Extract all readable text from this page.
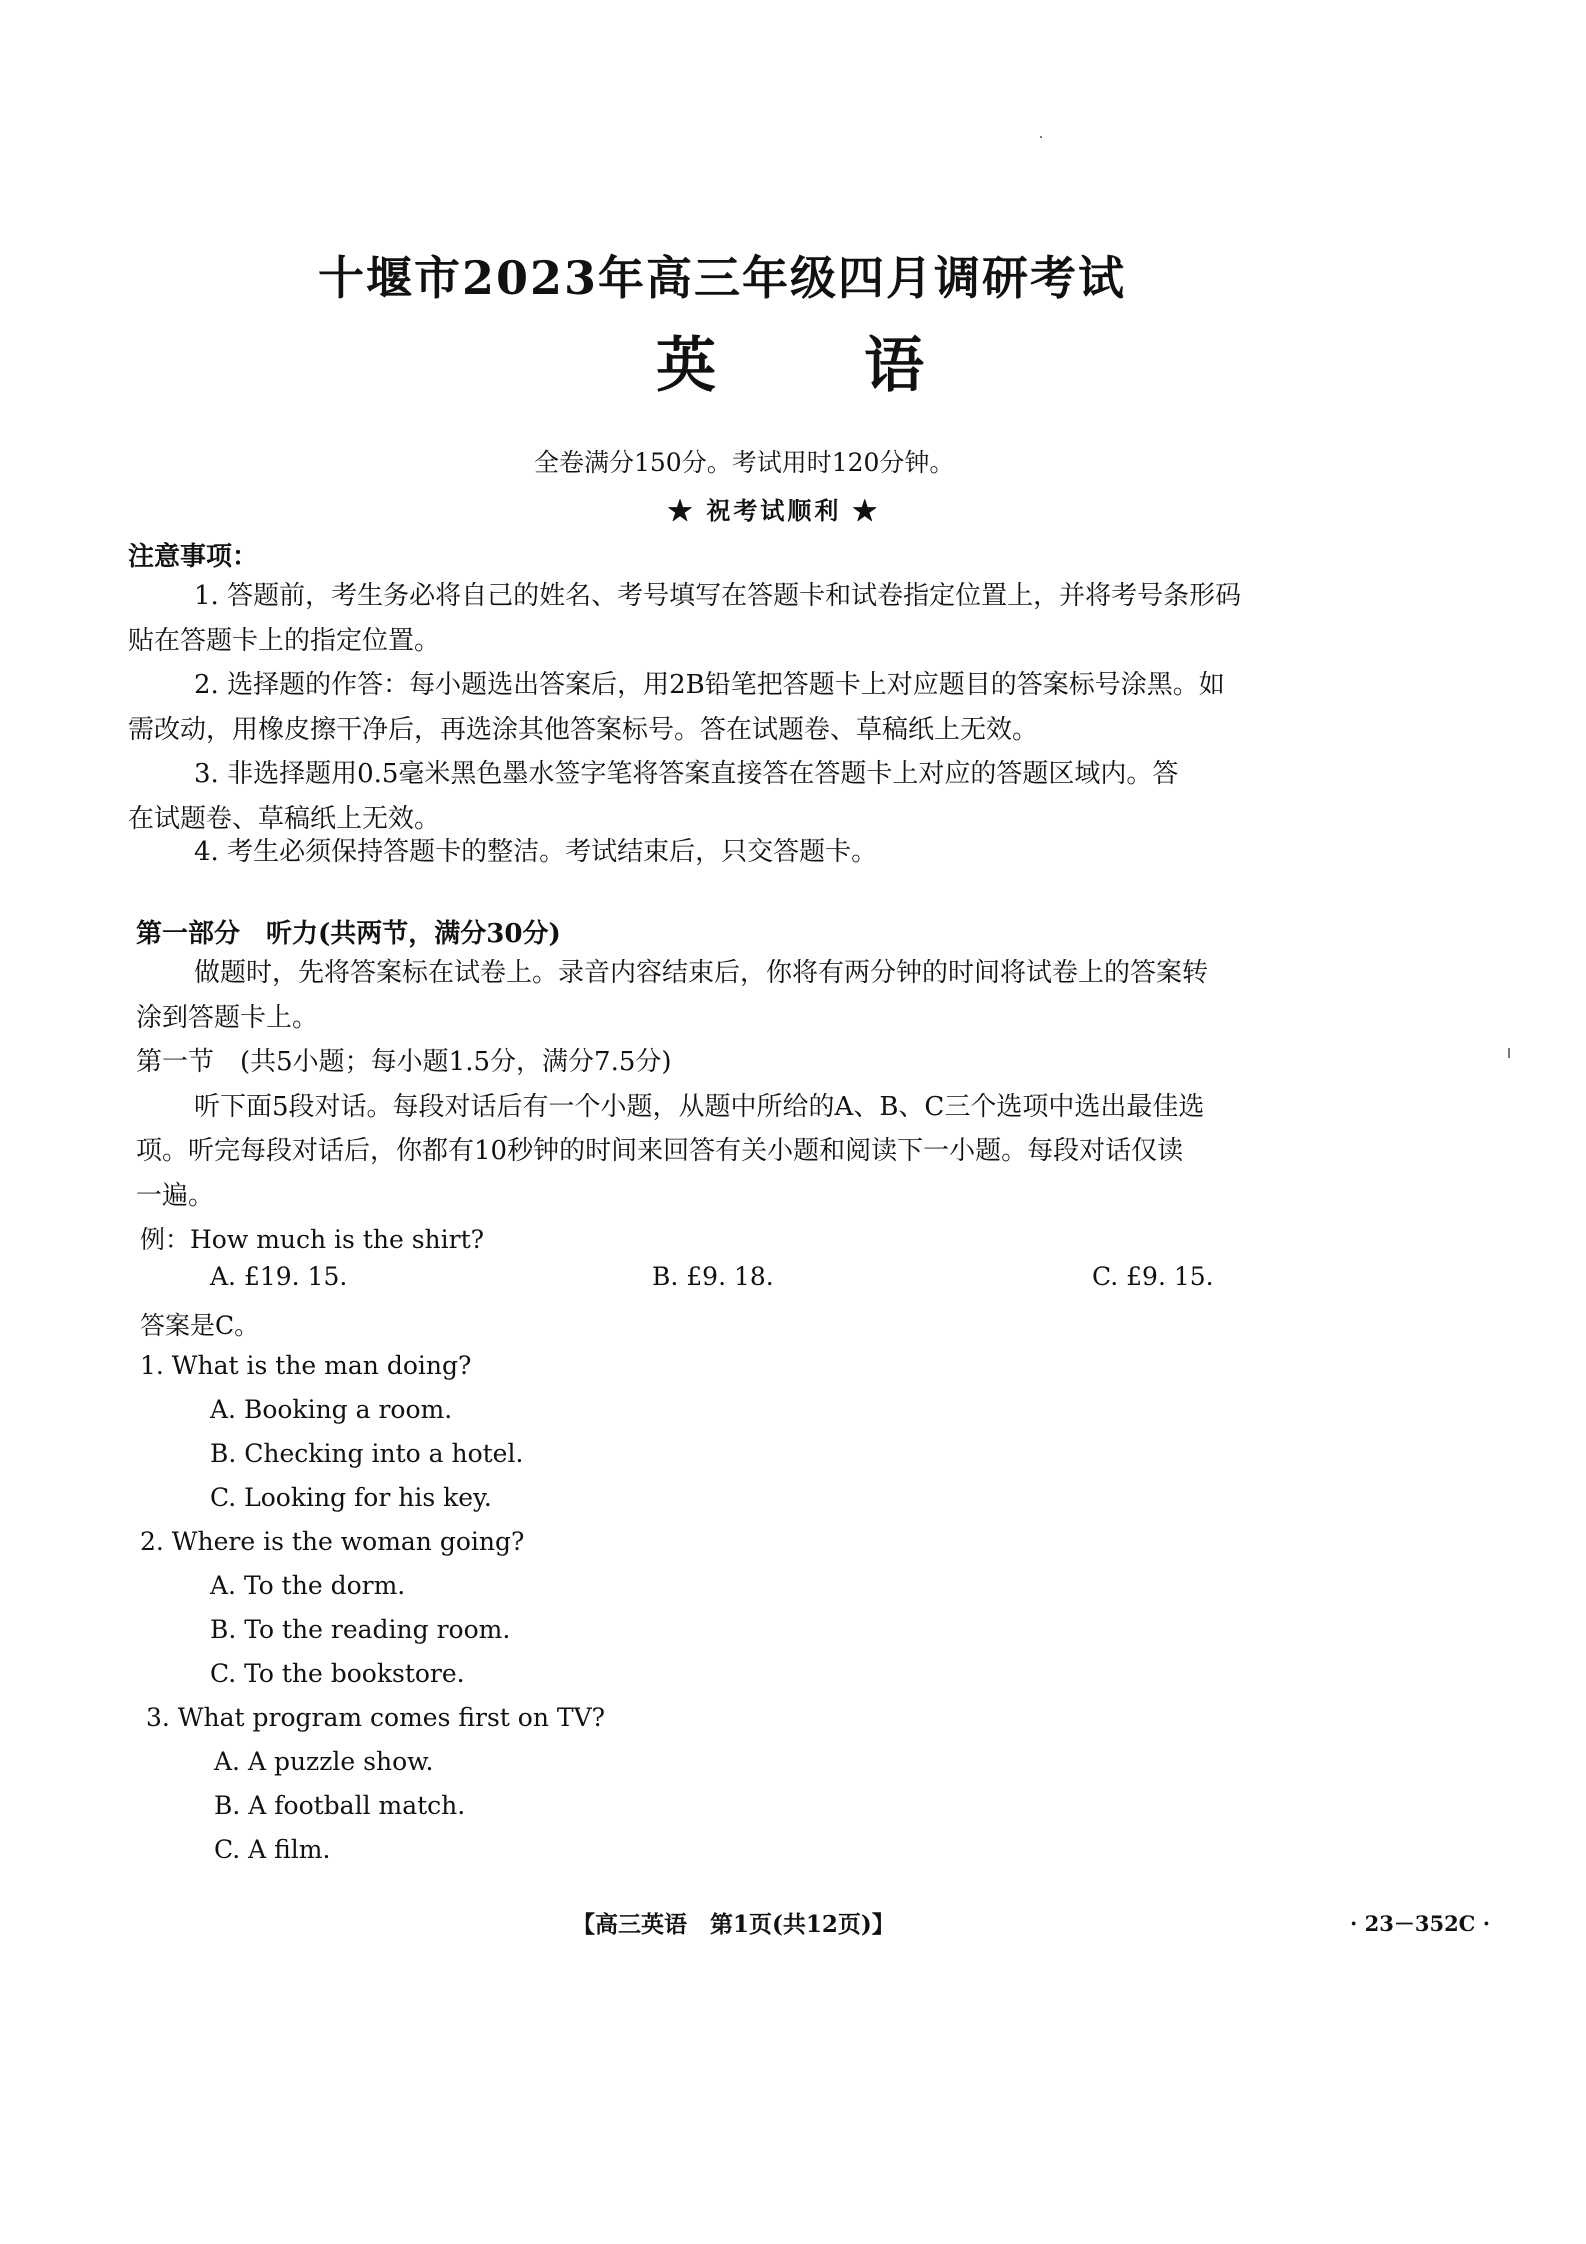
十堰市2023年高三年级四月调研考试
英 语
全卷满分150分。考试用时120分钟。
★ 祝考试顺利 ★
注意事项：
1. 答题前，考生务必将自己的姓名、考号填写在答题卡和试卷指定位置上，并将考号条形码
贴在答题卡上的指定位置。
2. 选择题的作答：每小题选出答案后，用2B铅笔把答题卡上对应题目的答案标号涂黑。如
需改动，用橡皮擦干净后，再选涂其他答案标号。答在试题卷、草稿纸上无效。
3. 非选择题用0.5毫米黑色墨水签字笔将答案直接答在答题卡上对应的答题区域内。答
在试题卷、草稿纸上无效。
4. 考生必须保持答题卡的整洁。考试结束后，只交答题卡。
第一部分　听力(共两节，满分30分)
做题时，先将答案标在试卷上。录音内容结束后，你将有两分钟的时间将试卷上的答案转
涂到答题卡上。
第一节　(共5小题；每小题1.5分，满分7.5分)
听下面5段对话。每段对话后有一个小题，从题中所给的A、B、C三个选项中选出最佳选
项。听完每段对话后，你都有10秒钟的时间来回答有关小题和阅读下一小题。每段对话仅读
一遍。
例：How much is the shirt?
A. £19. 15.	B. £9. 18.	C. £9. 15.
答案是C。
1. What is the man doing?
A. Booking a room.
B. Checking into a hotel.
C. Looking for his key.
2. Where is the woman going?
A. To the dorm.
B. To the reading room.
C. To the bookstore.
3. What program comes first on TV?
A. A puzzle show.
B. A football match.
C. A film.
【高三英语　第1页(共12页)】	· 23－352C ·
